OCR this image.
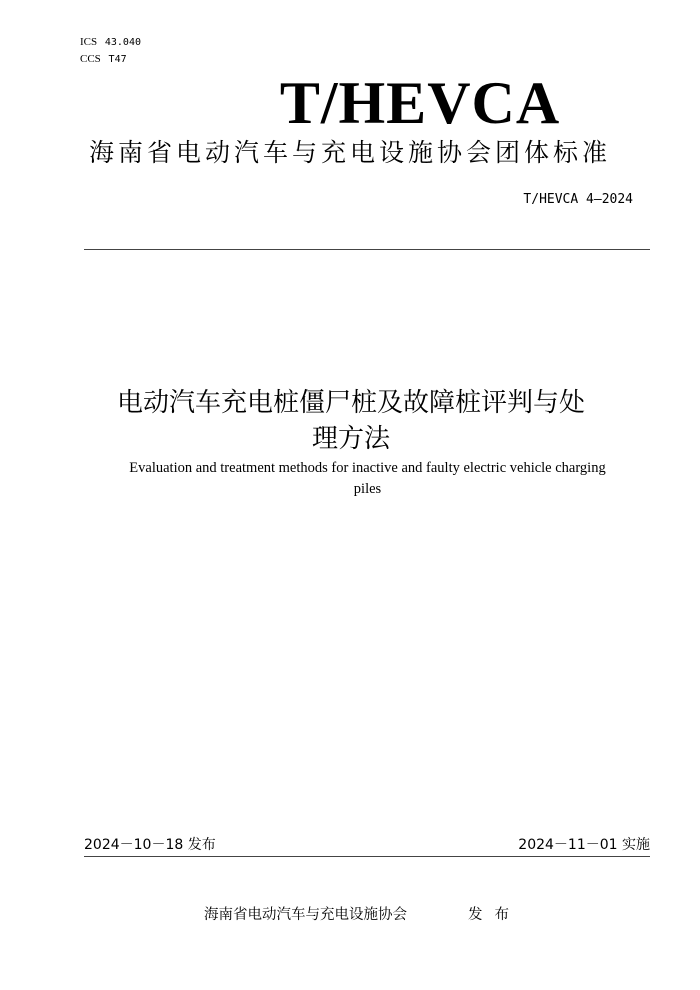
ICS 43.040
CCS T47
T/HEVCA
海南省电动汽车与充电设施协会团体标准
T/HEVCA 4—2024
电动汽车充电桩僵尸桩及故障桩评判与处
理方法
Evaluation and treatment methods for inactive and faulty electric vehicle charging
piles
2024－10－18 发布	2024－11－01 实施
海南省电动汽车与充电设施协会	发布
